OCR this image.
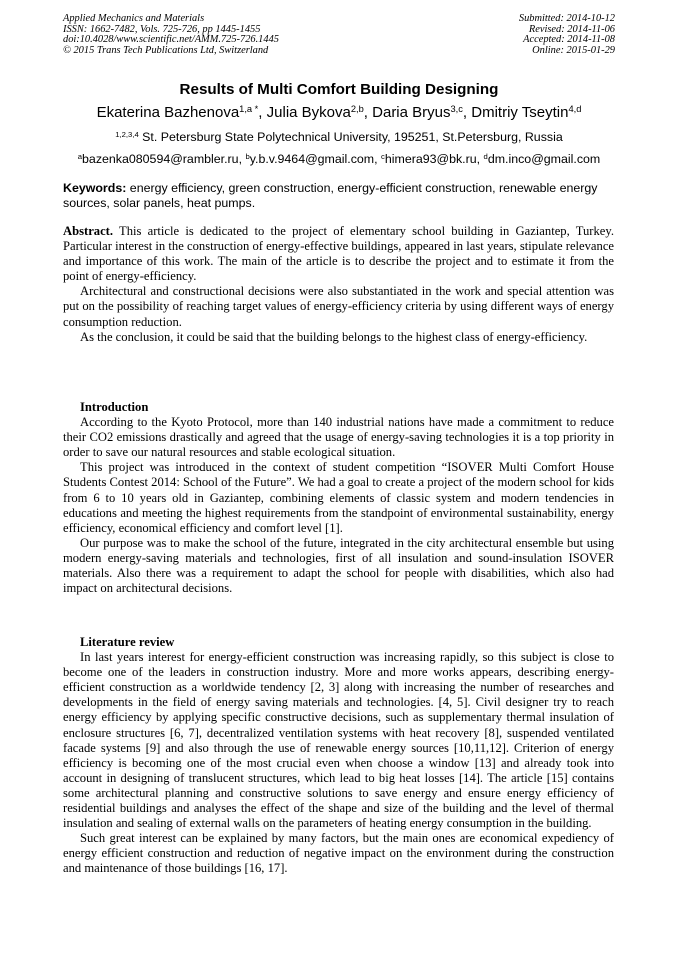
Applied Mechanics and Materials
ISSN: 1662-7482, Vols. 725-726, pp 1445-1455
doi:10.4028/www.scientific.net/AMM.725-726.1445
© 2015 Trans Tech Publications Ltd, Switzerland
Submitted: 2014-10-12
Revised: 2014-11-06
Accepted: 2014-11-08
Online: 2015-01-29
Results of Multi Comfort Building Designing
Ekaterina Bazhenova$^{1,a *}$, Julia Bykova$^{2,b}$, Daria Bryus$^{3,c}$, Dmitriy Tseytin$^{4,d}$
$^{1,2,3,4}$ St. Petersburg State Polytechnical University, 195251, St.Petersburg, Russia
$^a$bazenka080594@rambler.ru, $^b$y.b.v.9464@gmail.com, $^c$himera93@bk.ru, $^d$dm.inco@gmail.com
Keywords: energy efficiency, green construction, energy-efficient construction, renewable energy sources, solar panels, heat pumps.

Abstract. This article is dedicated to the project of elementary school building in Gaziantep, Turkey. Particular interest in the construction of energy-effective buildings, appeared in last years, stipulate relevance and importance of this work. The main of the article is to describe the project and to estimate it from the point of energy-efficiency.

Architectural and constructional decisions were also substantiated in the work and special attention was put on the possibility of reaching target values of energy-efficiency criteria by using different ways of energy consumption reduction.

As the conclusion, it could be said that the building belongs to the highest class of energy-efficiency.

Introduction

According to the Kyoto Protocol, more than 140 industrial nations have made a commitment to reduce their CO2 emissions drastically and agreed that the usage of energy-saving technologies it is a top priority in order to save our natural resources and stable ecological situation.

This project was introduced in the context of student competition “ISOVER Multi Comfort House Students Contest 2014: School of the Future”. We had a goal to create a project of the modern school for kids from 6 to 10 years old in Gaziantep, combining elements of classic system and modern tendencies in educations and meeting the highest requirements from the standpoint of environmental sustainability, energy efficiency, economical efficiency and comfort level [1].

Our purpose was to make the school of the future, integrated in the city architectural ensemble but using modern energy-saving materials and technologies, first of all insulation and sound-insulation ISOVER materials. Also there was a requirement to adapt the school for people with disabilities, which also had impact on architectural decisions.

Literature review

In last years interest for energy-efficient construction was increasing rapidly, so this subject is close to become one of the leaders in construction industry. More and more works appears, describing energy-efficient construction as a worldwide tendency [2, 3] along with increasing the number of researches and developments in the field of energy saving materials and technologies. [4, 5]. Civil designer try to reach energy efficiency by applying specific constructive decisions, such as supplementary thermal insulation of enclosure structures [6, 7], decentralized ventilation systems with heat recovery [8], suspended ventilated facade systems [9] and also through the use of renewable energy sources [10,11,12]. Criterion of energy efficiency is becoming one of the most crucial even when choose a window [13] and already took into account in designing of translucent structures, which lead to big heat losses [14]. The article [15] contains some architectural planning and constructive solutions to save energy and ensure energy efficiency of residential buildings and analyses the effect of the shape and size of the building and the level of thermal insulation and sealing of external walls on the parameters of heating energy consumption in the building.

Such great interest can be explained by many factors, but the main ones are economical expediency of energy efficient construction and reduction of negative impact on the environment during the construction and maintenance of those buildings [16, 17].
